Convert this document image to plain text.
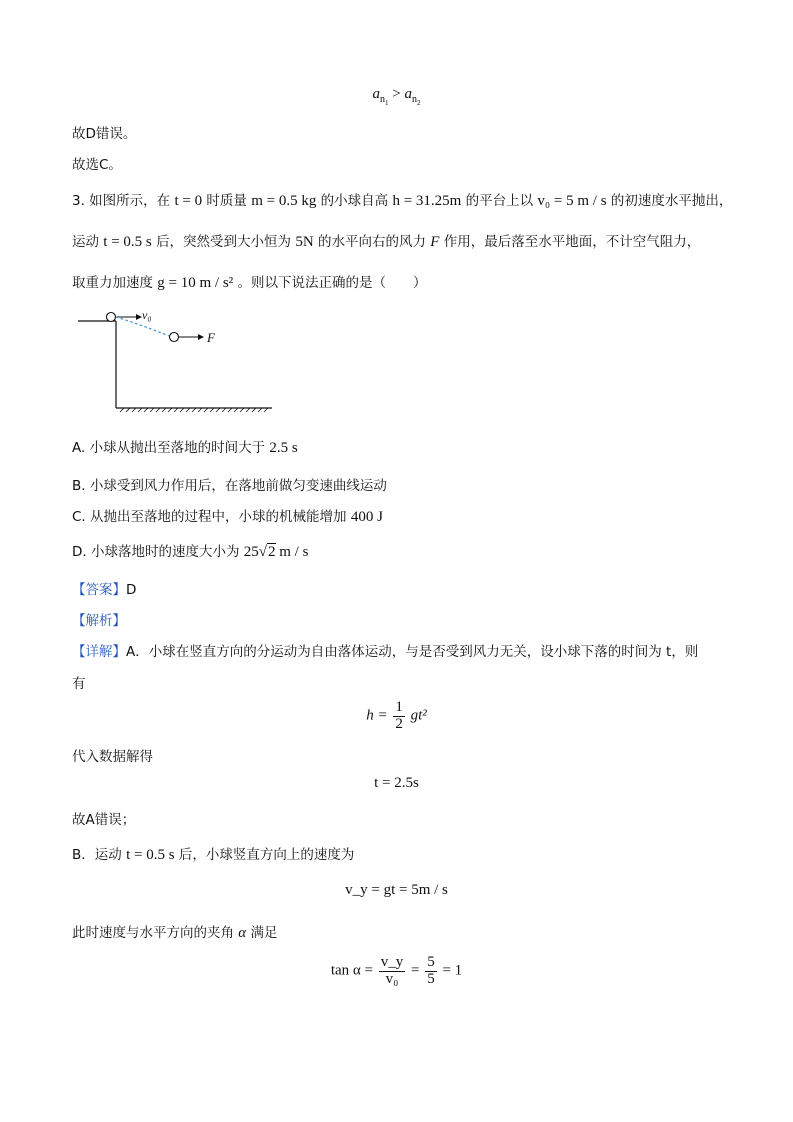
$a_{n_1} > a_{n_2}$
故D错误。
故选C。
3. 如图所示，在 t = 0 时质量 m = 0.5 kg 的小球自高 h = 31.25m 的平台上以 v₀ = 5 m / s 的初速度水平抛出，
运动 t = 0.5 s 后，突然受到大小恒为 5N 的水平向右的风力 F 作用，最后落至水平地面，不计空气阻力，
取重力加速度 g = 10 m / s² 。则以下说法正确的是（　　）
v₀
F
A. 小球从抛出至落地的时间大于 2.5 s
B. 小球受到风力作用后，在落地前做匀变速曲线运动
C. 从抛出至落地的过程中，小球的机械能增加 400 J
D. 小球落地时的速度大小为 25√2 m / s
【答案】D
【解析】
【详解】A．小球在竖直方向的分运动为自由落体运动，与是否受到风力无关，设小球下落的时间为 t，则
有
$h = \frac{1}{2} gt^2$
代入数据解得
t = 2.5s
故A错误；
B．运动 t = 0.5 s 后，小球竖直方向上的速度为
v_y = gt = 5m / s
此时速度与水平方向的夹角 α 满足
$\tan \alpha = \frac{v\_y}{\text{v₀}} = \frac{5}{5} = 1$
